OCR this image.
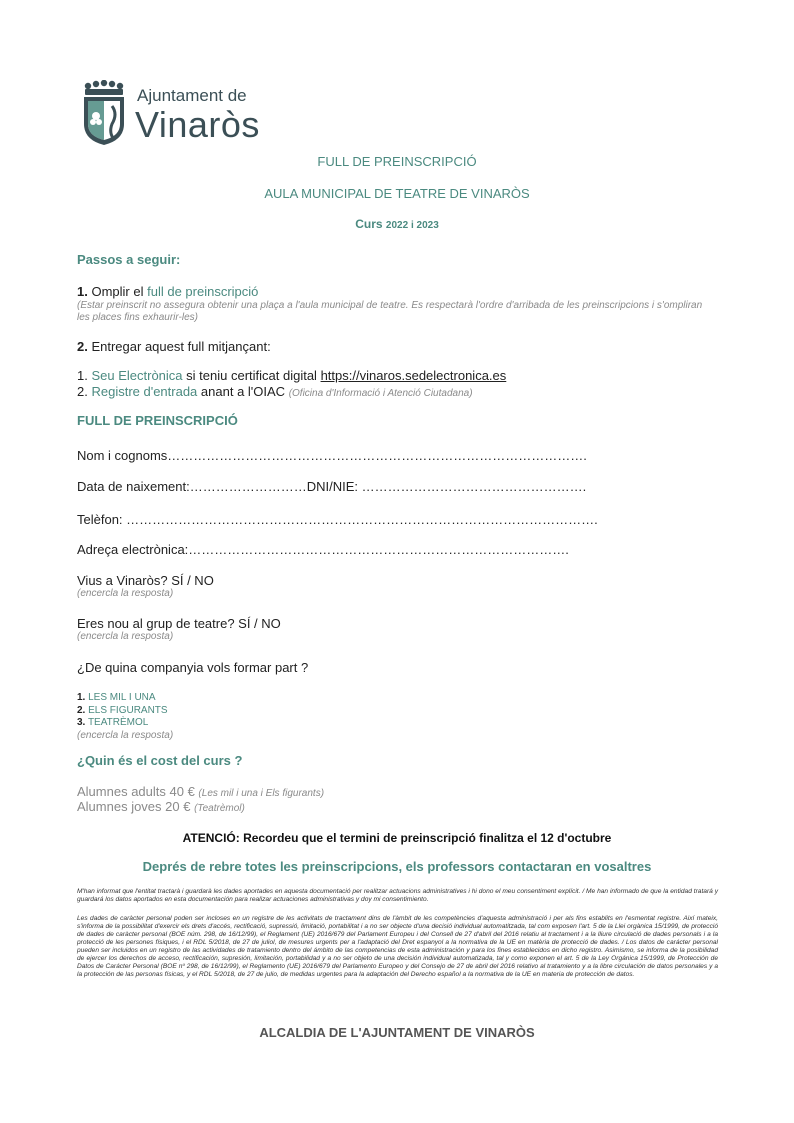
Ajuntament de
Vinaròs
FULL DE PREINSCRIPCIÓ
AULA MUNICIPAL DE TEATRE DE VINARÒS
Curs 2022 i 2023
Passos a seguir:
1. Omplir el full de preinscripció
(Estar preinscrit no assegura obtenir una plaça a l'aula municipal de teatre. Es respectarà l'ordre d'arribada de les preinscripcions i s'ompliran les places fins exhaurir-les)
2. Entregar aquest full mitjançant:
1. Seu Electrònica si teniu certificat digital https://vinaros.sedelectronica.es
2. Registre d'entrada anant a l'OIAC (Oficina d'Informació i Atenció Ciutadana)
FULL DE PREINSCRIPCIÓ
Nom i cognoms…………………………………………………………………………………….
Data de naixement:………………………DNI/NIE: …………………………………………….
Telèfon: ……………………………………………………………………………………………….
Adreça electrònica:…………………………………………………………………………….
Vius a Vinaròs? SÍ / NO
(encercla la resposta)
Eres nou al grup de teatre? SÍ / NO
(encercla la resposta)
¿De quina companyia vols formar part ?
1. LES MIL I UNA
2. ELS FIGURANTS
3. TEATRÈMOL
(encercla la resposta)
¿Quin és el cost del curs ?
Alumnes adults 40 € (Les mil i una i Els figurants)
Alumnes joves 20 € (Teatrèmol)
ATENCIÓ: Recordeu que el termini de preinscripció finalitza el 12 d'octubre
Deprés de rebre totes les preinscripcions, els professors contactaran en vosaltres
M'han informat que l'entitat tractarà i guardarà les dades aportades en aquesta documentació per realitzar actuacions administratives i hi dono el meu consentiment explícit. / Me han informado de que la entidad tratará y guardará los datos aportados en esta documentación para realizar actuaciones administrativas y doy mi consentimiento.
Les dades de caràcter personal poden ser incloses en un registre de les activitats de tractament dins de l'àmbit de les competències d'aquesta administració i per als fins establits en l'esmentat registre. Així mateix, s'informa de la possibilitat d'exercir els drets d'accés, rectificació, supressió, limitació, portabilitat i a no ser objecte d'una decisió individual automatitzada, tal com exposen l'art. 5 de la Llei orgànica 15/1999, de protecció de dades de caràcter personal (BOE núm. 298, de 16/12/99), el Reglament (UE) 2016/679 del Parlament Europeu i del Consell de 27 d'abril del 2016 relatiu al tractament i a la lliure circulació de dades personals i a la protecció de les persones físiques, i el RDL 5/2018, de 27 de juliol, de mesures urgents per a l'adaptació del Dret espanyol a la normativa de la UE en matèria de protecció de dades. / Los datos de carácter personal pueden ser incluidos en un registro de las actividades de tratamiento dentro del ámbito de las competencias de esta administración y para los fines establecidos en dicho registro. Asimismo, se informa de la posibilidad de ejercer los derechos de acceso, rectificación, supresión, limitación, portabilidad y a no ser objeto de una decisión individual automatizada, tal y como exponen el art. 5 de la Ley Orgánica 15/1999, de Protección de Datos de Carácter Personal (BOE nº 298, de 16/12/99), el Reglamento (UE) 2016/679 del Parlamento Europeo y del Consejo de 27 de abril del 2016 relativo al tratamiento y a la libre circulación de datos personales y a la protección de las personas físicas, y el RDL 5/2018, de 27 de julio, de medidas urgentes para la adaptación del Derecho español a la normativa de la UE en materia de protección de datos.
ALCALDIA DE L'AJUNTAMENT DE VINARÒS
